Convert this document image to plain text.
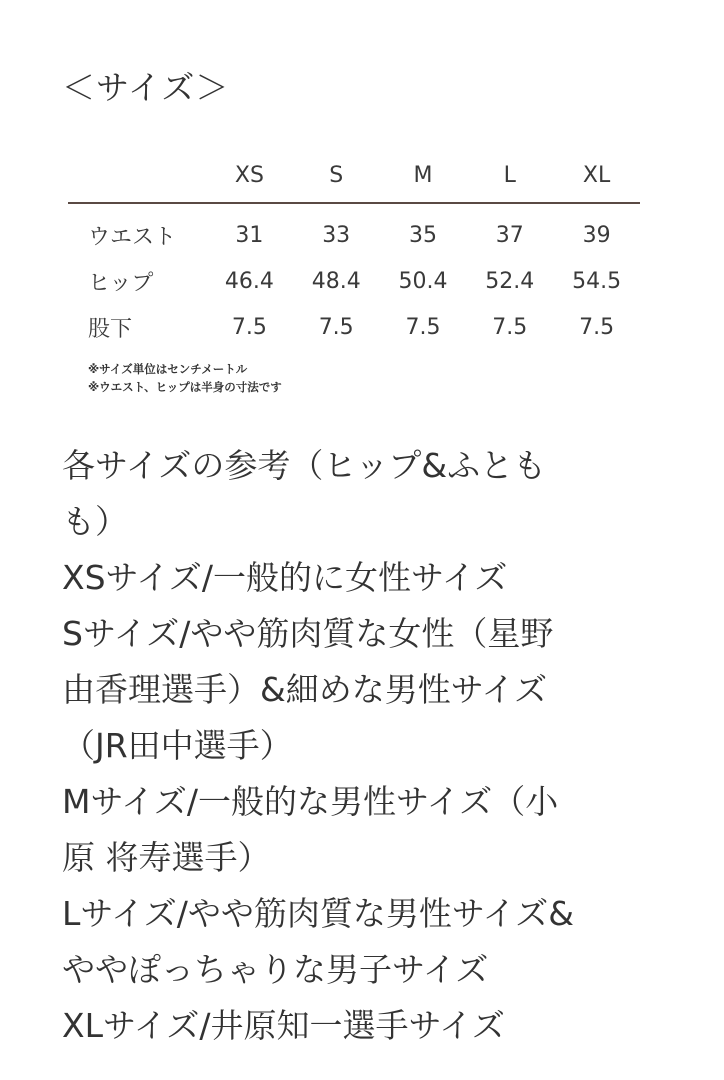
＜サイズ＞
	XS	S	M	L	XL
ウエスト	31	33	35	37	39
ヒップ	46.4	48.4	50.4	52.4	54.5
股下	7.5	7.5	7.5	7.5	7.5
※サイズ単位はセンチメートル
※ウエスト、ヒップは半身の寸法です

各サイズの参考（ヒップ&ふとも

も）

XSサイズ/一般的に女性サイズ

Sサイズ/やや筋肉質な女性（星野

由香理選手）&細めな男性サイズ

（JR田中選手）

Mサイズ/一般的な男性サイズ（小

原 将寿選手）

Lサイズ/やや筋肉質な男性サイズ&

ややぽっちゃりな男子サイズ

XLサイズ/井原知一選手サイズ
